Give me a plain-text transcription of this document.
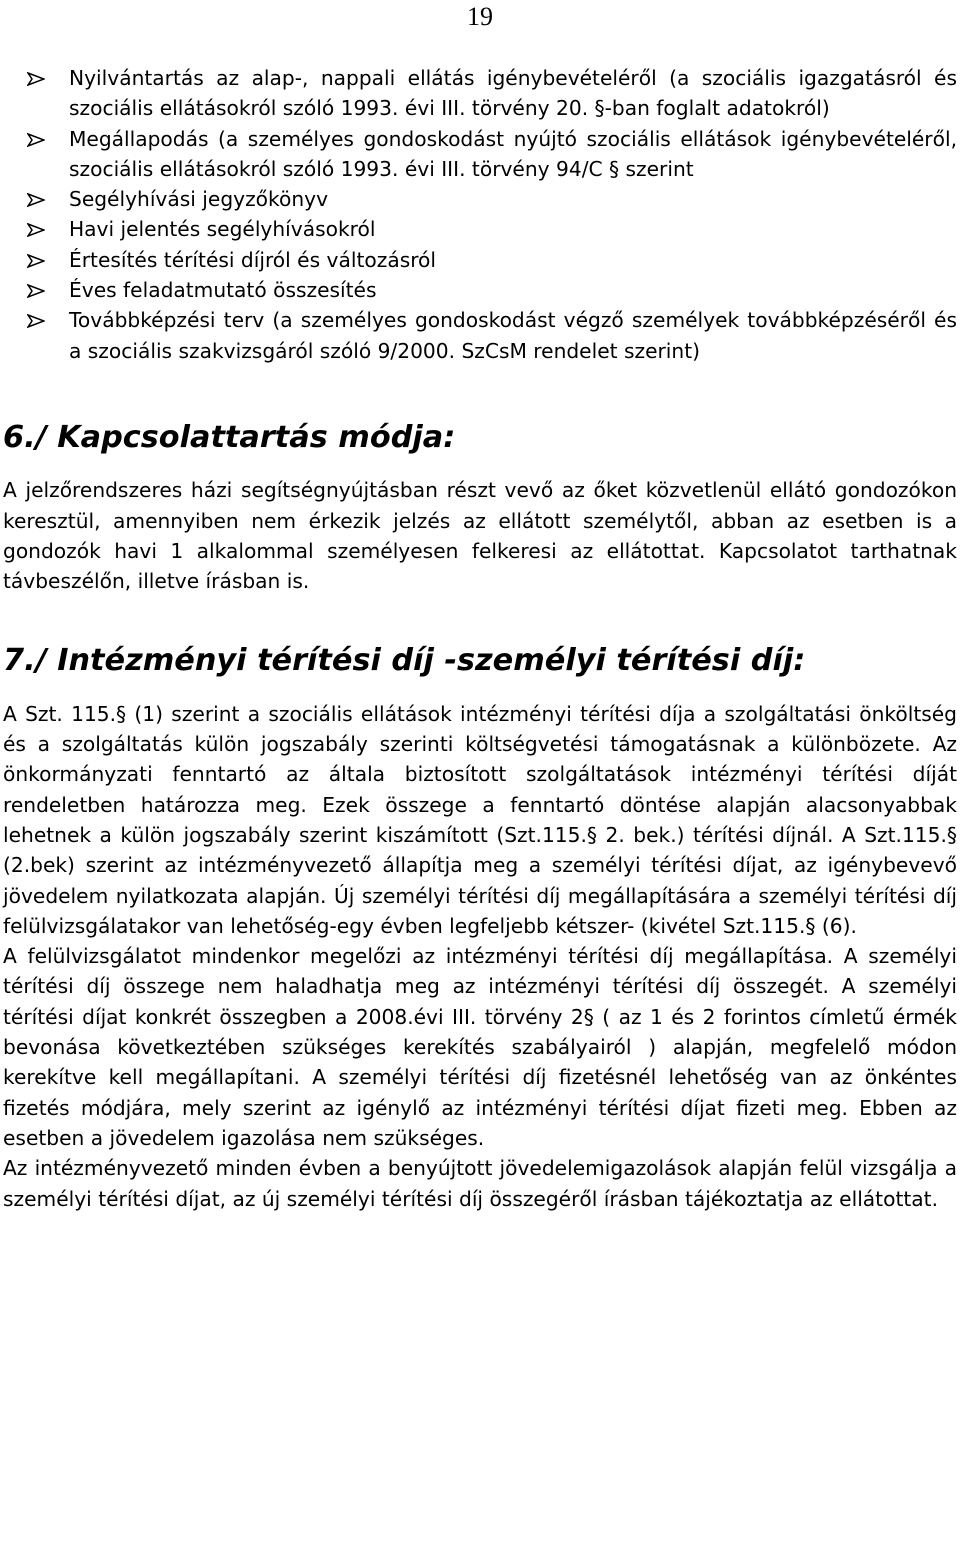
19
Nyilvántartás az alap-, nappali ellátás igénybevételéről (a szociális igazgatásról és szociális ellátásokról szóló 1993. évi III. törvény 20. §-ban foglalt adatokról)
Megállapodás (a személyes gondoskodást nyújtó szociális ellátások igénybevételéről, szociális ellátásokról szóló 1993. évi III. törvény 94/C § szerint
Segélyhívási jegyzőkönyv
Havi jelentés segélyhívásokról
Értesítés térítési díjról és változásról
Éves feladatmutató összesítés
Továbbképzési terv (a személyes gondoskodást végző személyek továbbképzéséről és a szociális szakvizsgáról szóló 9/2000. SzCsM rendelet szerint)
6./ Kapcsolattartás módja:

A jelzőrendszeres házi segítségnyújtásban részt vevő az őket közvetlenül ellátó gondozókon keresztül, amennyiben nem érkezik jelzés az ellátott személytől, abban az esetben is a gondozók havi 1 alkalommal személyesen felkeresi az ellátottat. Kapcsolatot tarthatnak távbeszélőn, illetve írásban is.

7./ Intézményi térítési díj -személyi térítési díj:

A Szt. 115.§ (1) szerint a szociális ellátások intézményi térítési díja a szolgáltatási önköltség és a szolgáltatás külön jogszabály szerinti költségvetési támogatásnak a különbözete. Az önkormányzati fenntartó az általa biztosított szolgáltatások intézményi térítési díját rendeletben határozza meg. Ezek összege a fenntartó döntése alapján alacsonyabbak lehetnek a külön jogszabály szerint kiszámított (Szt.115.§ 2. bek.) térítési díjnál. A Szt.115.§ (2.bek) szerint az intézményvezető állapítja meg a személyi térítési díjat, az igénybevevő jövedelem nyilatkozata alapján. Új személyi térítési díj megállapítására a személyi térítési díj felülvizsgálatakor van lehetőség-egy évben legfeljebb kétszer- (kivétel Szt.115.§ (6).

A felülvizsgálatot mindenkor megelőzi az intézményi térítési díj megállapítása. A személyi térítési díj összege nem haladhatja meg az intézményi térítési díj összegét. A személyi térítési díjat konkrét összegben a 2008.évi III. törvény 2§ ( az 1 és 2 forintos címletű érmék bevonása következtében szükséges kerekítés szabályairól ) alapján, megfelelő módon kerekítve kell megállapítani. A személyi térítési díj fizetésnél lehetőség van az önkéntes fizetés módjára, mely szerint az igénylő az intézményi térítési díjat fizeti meg. Ebben az esetben a jövedelem igazolása nem szükséges.

Az intézményvezető minden évben a benyújtott jövedelemigazolások alapján felül vizsgálja a személyi térítési díjat, az új személyi térítési díj összegéről írásban tájékoztatja az ellátottat.
